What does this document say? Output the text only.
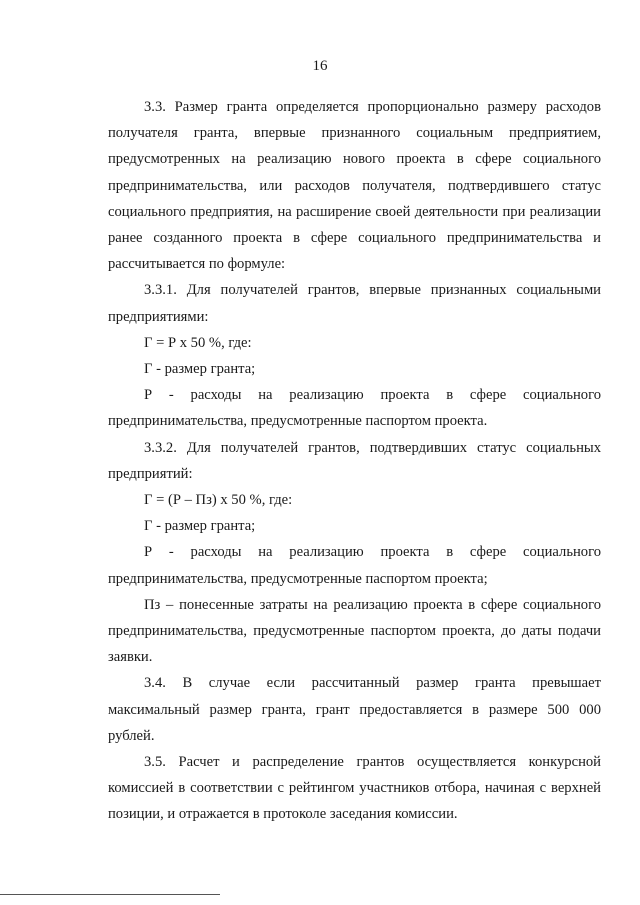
16

3.3. Размер гранта определяется пропорционально размеру расходов получателя гранта, впервые признанного социальным предприятием, предусмотренных на реализацию нового проекта в сфере социального предпринимательства, или расходов получателя, подтвердившего статус социального предприятия, на расширение своей деятельности при реализации ранее созданного проекта в сфере социального предпринимательства и рассчитывается по формуле:

3.3.1. Для получателей грантов, впервые признанных социальными предприятиями:

Г = Р x 50 %, где:

Г - размер гранта;

Р - расходы на реализацию проекта в сфере социального предпринимательства, предусмотренные паспортом проекта.

3.3.2. Для получателей грантов, подтвердивших статус социальных предприятий:

Г = (Р – Пз) x 50 %, где:

Г - размер гранта;

Р - расходы на реализацию проекта в сфере социального предпринимательства, предусмотренные паспортом проекта;

Пз – понесенные затраты на реализацию проекта в сфере социального предпринимательства, предусмотренные паспортом проекта, до даты подачи заявки.

3.4. В случае если рассчитанный размер гранта превышает максимальный размер гранта, грант предоставляется в размере 500 000 рублей.

3.5. Расчет и распределение грантов осуществляется конкурсной комиссией в соответствии с рейтингом участников отбора, начиная с верхней позиции, и отражается в протоколе заседания комиссии.
